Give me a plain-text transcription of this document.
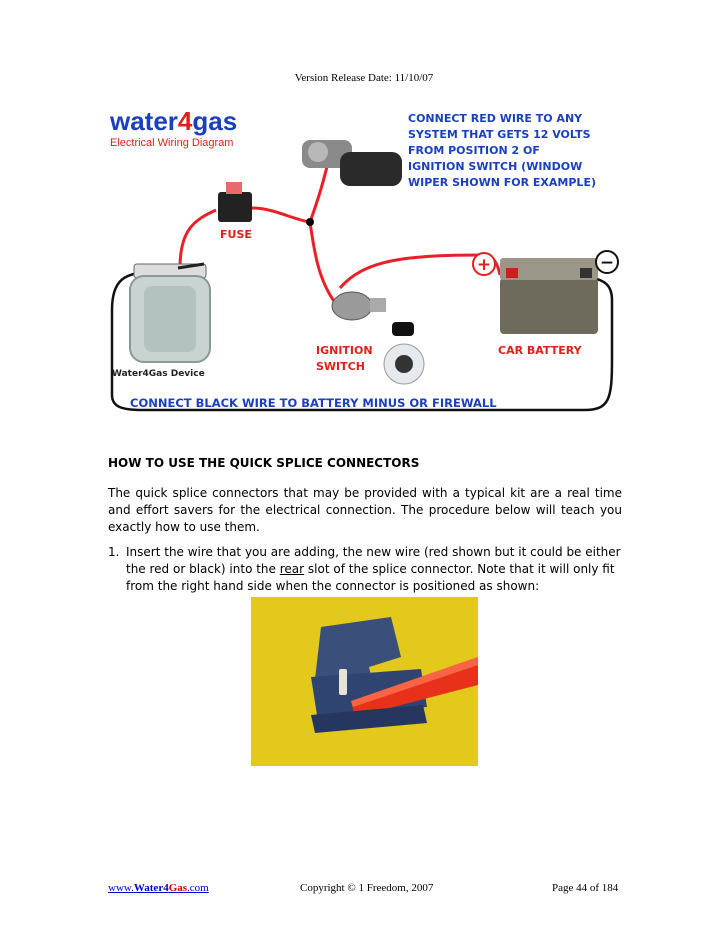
Version Release Date: 11/10/07
water4gas
Electrical Wiring Diagram
CONNECT RED WIRE TO ANY
SYSTEM THAT GETS 12 VOLTS
FROM POSITION 2 OF
IGNITION SWITCH (WINDOW
WIPER SHOWN FOR EXAMPLE)
FUSE
Water4Gas Device
IGNITION
SWITCH
+	−
CAR BATTERY
CONNECT BLACK WIRE TO BATTERY MINUS OR FIREWALL
HOW TO USE THE QUICK SPLICE CONNECTORS
The quick splice connectors that may be provided with a typical kit are a real time and effort savers for the electrical connection. The procedure below will teach you exactly how to use them.
1. Insert the wire that you are adding, the new wire (red shown but it could be either the red or black) into the rear slot of the splice connector. Note that it will only fit from the right hand side when the connector is positioned as shown:
www.Water4Gas.com	Copyright © 1 Freedom, 2007	Page 44 of 184
